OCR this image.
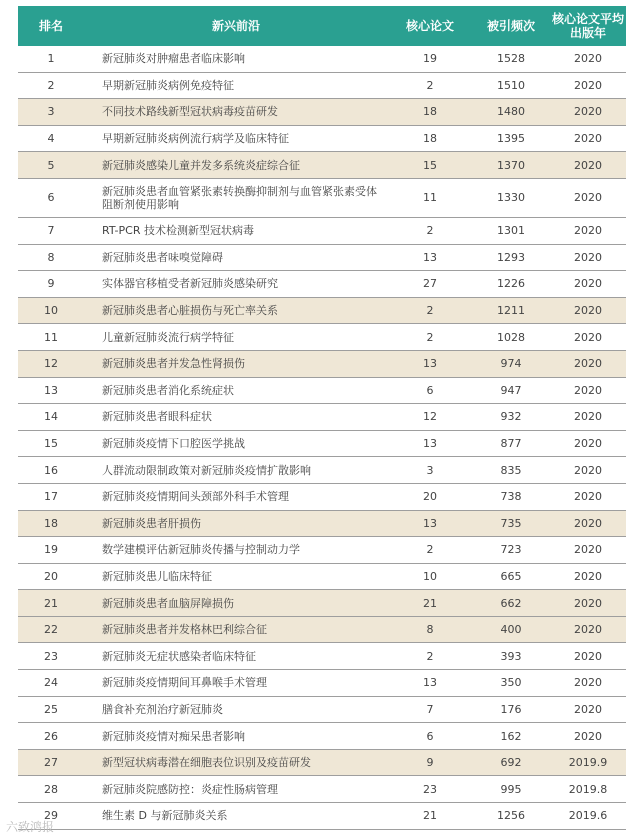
排名	新兴前沿	核心论文	被引频次	核心论文平均
出版年
1	新冠肺炎对肿瘤患者临床影响	19	1528	2020
2	早期新冠肺炎病例免疫特征	2	1510	2020
3	不同技术路线新型冠状病毒疫苗研发	18	1480	2020
4	早期新冠肺炎病例流行病学及临床特征	18	1395	2020
5	新冠肺炎感染儿童并发多系统炎症综合征	15	1370	2020
6	新冠肺炎患者血管紧张素转换酶抑制剂与血管紧张素受体阻断剂使用影响	11	1330	2020
7	RT-PCR 技术检测新型冠状病毒	2	1301	2020
8	新冠肺炎患者味嗅觉障碍	13	1293	2020
9	实体器官移植受者新冠肺炎感染研究	27	1226	2020
10	新冠肺炎患者心脏损伤与死亡率关系	2	1211	2020
11	儿童新冠肺炎流行病学特征	2	1028	2020
12	新冠肺炎患者并发急性肾损伤	13	974	2020
13	新冠肺炎患者消化系统症状	6	947	2020
14	新冠肺炎患者眼科症状	12	932	2020
15	新冠肺炎疫情下口腔医学挑战	13	877	2020
16	人群流动限制政策对新冠肺炎疫情扩散影响	3	835	2020
17	新冠肺炎疫情期间头颈部外科手术管理	20	738	2020
18	新冠肺炎患者肝损伤	13	735	2020
19	数学建模评估新冠肺炎传播与控制动力学	2	723	2020
20	新冠肺炎患儿临床特征	10	665	2020
21	新冠肺炎患者血脑屏障损伤	21	662	2020
22	新冠肺炎患者并发格林巴利综合征	8	400	2020
23	新冠肺炎无症状感染者临床特征	2	393	2020
24	新冠肺炎疫情期间耳鼻喉手术管理	13	350	2020
25	膳食补充剂治疗新冠肺炎	7	176	2020
26	新冠肺炎疫情对痴呆患者影响	6	162	2020
27	新型冠状病毒潜在细胞表位识别及疫苗研发	9	692	2019.9
28	新冠肺炎院感防控：炎症性肠病管理	23	995	2019.8
29	维生素 D 与新冠肺炎关系	21	1256	2019.6
六致鸿报
